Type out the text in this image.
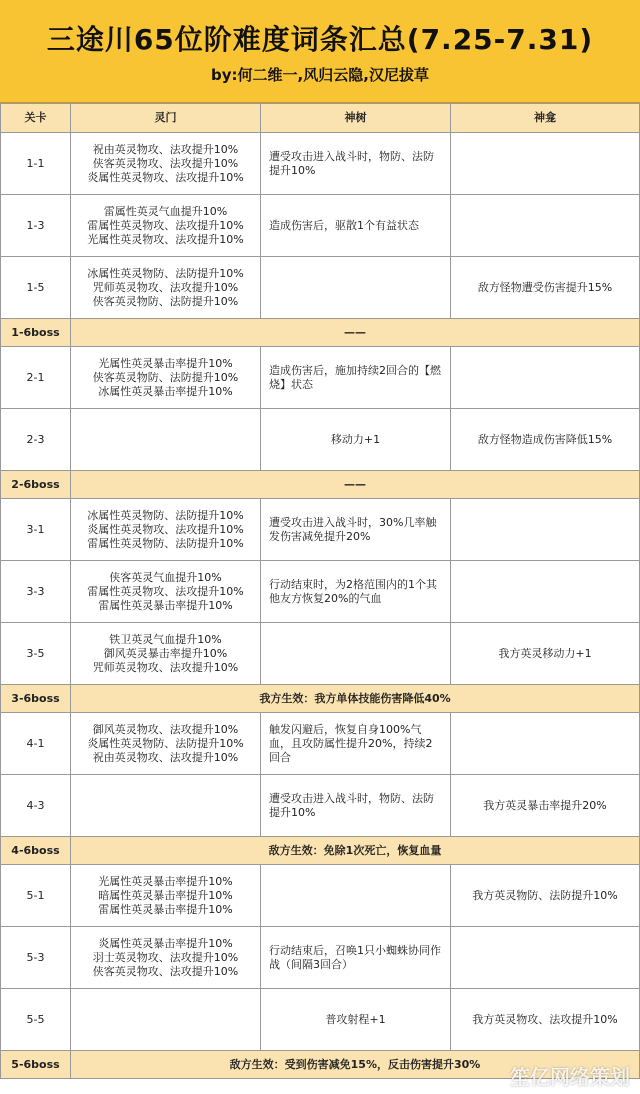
三途川65位阶难度词条汇总(7.25-7.31)
by:何二维一,风归云隐,汉尼拔草
关卡	灵门	神树	神龛
1-1	祝由英灵物攻、法攻提升10%
侠客英灵物攻、法攻提升10%
炎属性英灵物攻、法攻提升10%	遭受攻击进入战斗时，物防、法防提升10%	
1-3	雷属性英灵气血提升10%
雷属性英灵物攻、法攻提升10%
光属性英灵物攻、法攻提升10%	造成伤害后，驱散1个有益状态	
1-5	冰属性英灵物防、法防提升10%
咒师英灵物攻、法攻提升10%
侠客英灵物防、法防提升10%		敌方怪物遭受伤害提升15%
1-6boss	——		
2-1	光属性英灵暴击率提升10%
侠客英灵物防、法防提升10%
冰属性英灵暴击率提升10%	造成伤害后，施加持续2回合的【燃烧】状态	
2-3		移动力+1	敌方怪物造成伤害降低15%
2-6boss	——		
3-1	冰属性英灵物防、法防提升10%
炎属性英灵物攻、法攻提升10%
雷属性英灵物防、法防提升10%	遭受攻击进入战斗时，30%几率触发伤害减免提升20%	
3-3	侠客英灵气血提升10%
雷属性英灵物攻、法攻提升10%
雷属性英灵暴击率提升10%	行动结束时，为2格范围内的1个其他友方恢复20%的气血	
3-5	铁卫英灵气血提升10%
御风英灵暴击率提升10%
咒师英灵物攻、法攻提升10%		我方英灵移动力+1
3-6boss	我方生效：我方单体技能伤害降低40%		
4-1	御风英灵物攻、法攻提升10%
炎属性英灵物防、法防提升10%
祝由英灵物攻、法攻提升10%	触发闪避后，恢复自身100%气血，且攻防属性提升20%，持续2回合	
4-3		遭受攻击进入战斗时，物防、法防提升10%	我方英灵暴击率提升20%
4-6boss	敌方生效：免除1次死亡，恢复血量		
5-1	光属性英灵暴击率提升10%
暗属性英灵暴击率提升10%
雷属性英灵暴击率提升10%		我方英灵物防、法防提升10%
5-3	炎属性英灵暴击率提升10%
羽士英灵物攻、法攻提升10%
侠客英灵物攻、法攻提升10%	行动结束后，召唤1只小蜘蛛协同作战（间隔3回合）	
5-5		普攻射程+1	我方英灵物攻、法攻提升10%
5-6boss	敌方生效：受到伤害减免15%，反击伤害提升30%		
笙亿网络策划
